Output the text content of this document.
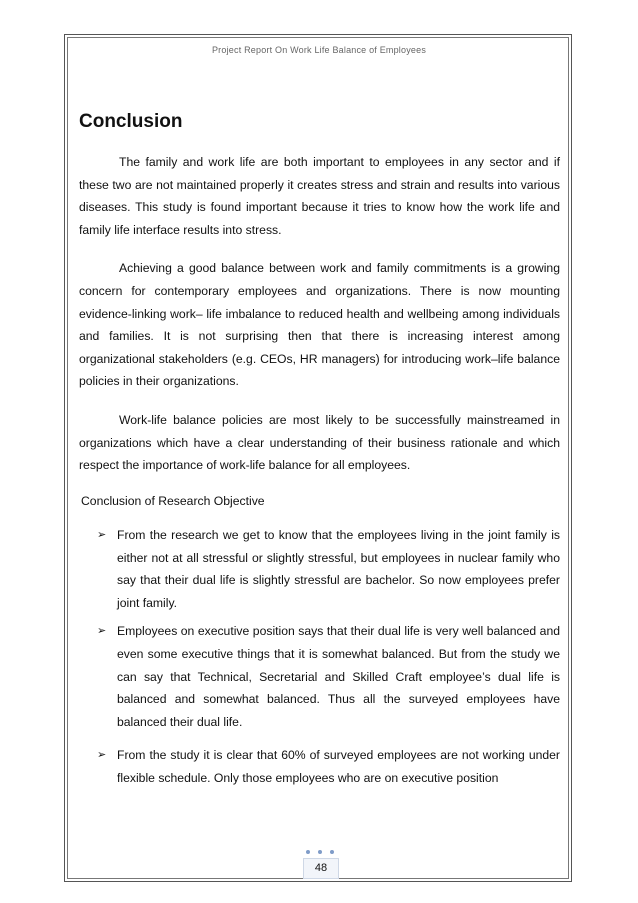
Project Report On Work Life Balance of Employees
Conclusion

The family and work life are both important to employees in any sector and if these two are not maintained properly it creates stress and strain and results into various diseases. This study is found important because it tries to know how the work life and family life interface results into stress.

Achieving a good balance between work and family commitments is a growing concern for contemporary employees and organizations. There is now mounting evidence-linking work– life imbalance to reduced health and wellbeing among individuals and families. It is not surprising then that there is increasing interest among organizational stakeholders (e.g. CEOs, HR managers) for introducing work–life balance policies in their organizations.

Work-life balance policies are most likely to be successfully mainstreamed in organizations which have a clear understanding of their business rationale and which respect the importance of work-life balance for all employees.

Conclusion of Research Objective
➢ From the research we get to know that the employees living in the joint family is either not at all stressful or slightly stressful, but employees in nuclear family who say that their dual life is slightly stressful are bachelor. So now employees prefer joint family.
➢ Employees on executive position says that their dual life is very well balanced and even some executive things that it is somewhat balanced. But from the study we can say that Technical, Secretarial and Skilled Craft employee’s dual life is balanced and somewhat balanced. Thus all the surveyed employees have balanced their dual life.
➢ From the study it is clear that 60% of surveyed employees are not working under flexible schedule. Only those employees who are on executive position
48
